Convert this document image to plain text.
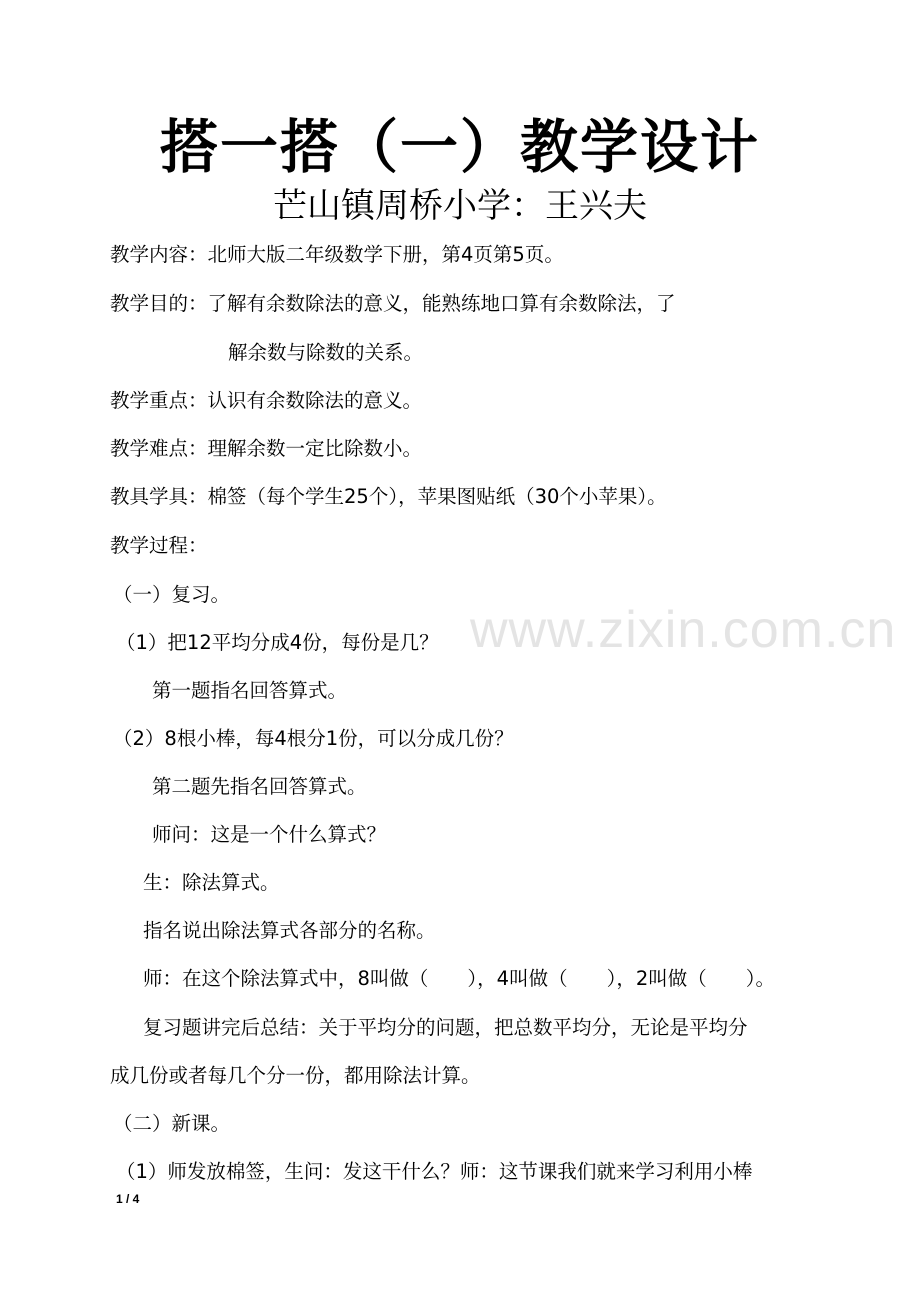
搭一搭（一）教学设计
芒山镇周桥小学：王兴夫
教学内容：北师大版二年级数学下册，第4页第5页。
教学目的：了解有余数除法的意义，能熟练地口算有余数除法，了
解余数与除数的关系。
教学重点：认识有余数除法的意义。
教学难点：理解余数一定比除数小。
教具学具：棉签（每个学生25个），苹果图贴纸（30个小苹果）。
教学过程：
（一）复习。
（1）把12平均分成4份，每份是几？
第一题指名回答算式。
（2）8根小棒，每4根分1份，可以分成几份？
第二题先指名回答算式。
师问：这是一个什么算式？
生：除法算式。
指名说出除法算式各部分的名称。
师：在这个除法算式中，8叫做（　　），4叫做（　　），2叫做（　　）。
复习题讲完后总结：关于平均分的问题，把总数平均分，无论是平均分
成几份或者每几个分一份，都用除法计算。
（二）新课。
（1）师发放棉签，生问：发这干什么？师：这节课我们就来学习利用小棒
www.zixin.com.cn
1 / 4
